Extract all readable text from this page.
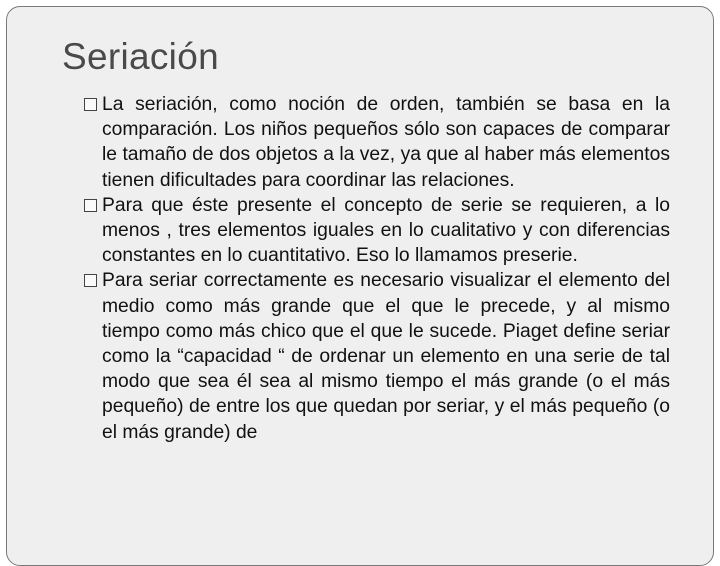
Seriación
La seriación, como noción de orden, también se basa en la comparación. Los niños pequeños sólo son capaces de comparar le tamaño de dos objetos a la vez, ya que al haber más elementos tienen dificultades para coordinar las relaciones.
Para que éste presente el concepto de serie se requieren, a lo menos , tres elementos iguales en lo cualitativo y con diferencias constantes en lo cuantitativo. Eso lo llamamos preserie.
Para seriar correctamente es necesario visualizar el elemento del medio como más grande que el que le precede, y al mismo tiempo como más chico que el que le sucede. Piaget define seriar como la “capacidad “ de ordenar un elemento en una serie de tal modo que sea él sea al mismo tiempo el más grande (o el más pequeño) de entre los que quedan por seriar, y el más pequeño (o el más grande) de
